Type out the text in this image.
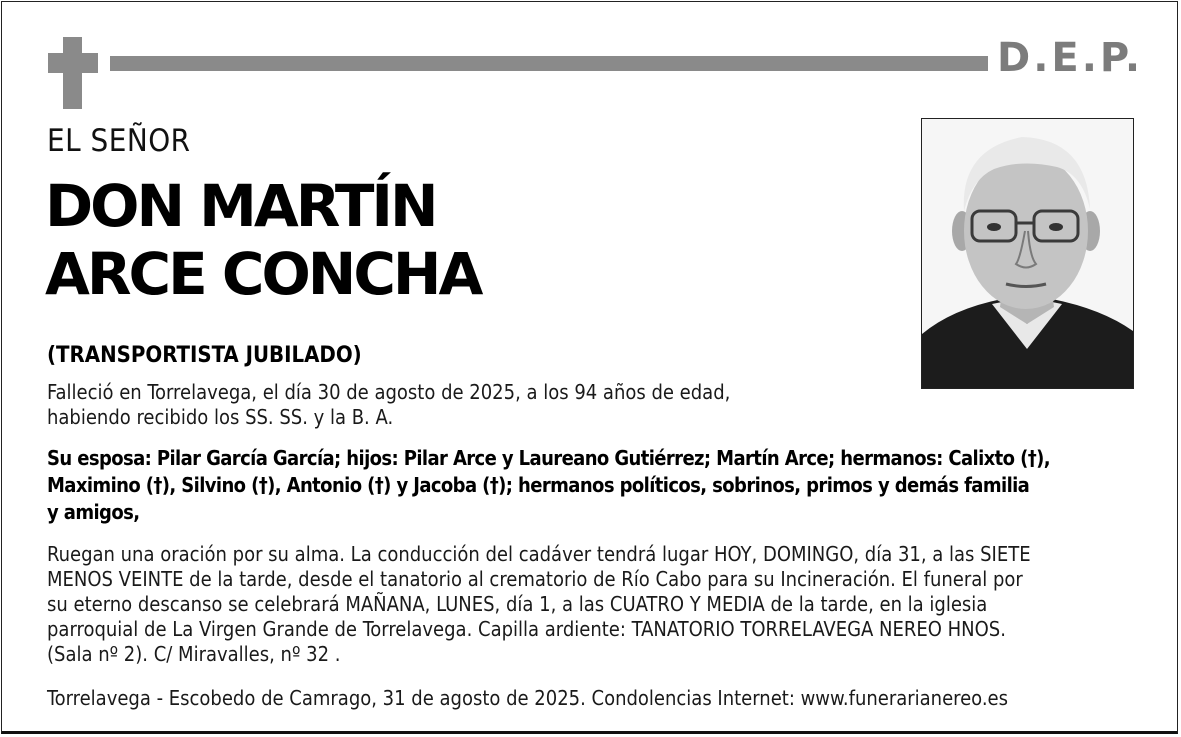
D.E.P.
EL SEÑOR
DON MARTÍN
ARCE CONCHA
(TRANSPORTISTA JUBILADO)
Falleció en Torrelavega, el día 30 de agosto de 2025, a los 94 años de edad,
habiendo recibido los SS. SS. y la B. A.
Su esposa: Pilar García García; hijos: Pilar Arce y Laureano Gutiérrez; Martín Arce; hermanos: Calixto (†),
Maximino (†), Silvino (†), Antonio (†) y Jacoba (†); hermanos políticos, sobrinos, primos y demás familia
y amigos,
Ruegan una oración por su alma. La conducción del cadáver tendrá lugar HOY, DOMINGO, día 31, a las SIETE
MENOS VEINTE de la tarde, desde el tanatorio al crematorio de Río Cabo para su Incineración. El funeral por
su eterno descanso se celebrará MAÑANA, LUNES, día 1, a las CUATRO Y MEDIA de la tarde, en la iglesia
parroquial de La Virgen Grande de Torrelavega. Capilla ardiente: TANATORIO TORRELAVEGA NEREO HNOS.
(Sala nº 2). C/ Miravalles, nº 32 .
Torrelavega - Escobedo de Camrago, 31 de agosto de 2025. Condolencias Internet: www.funerarianereo.es
